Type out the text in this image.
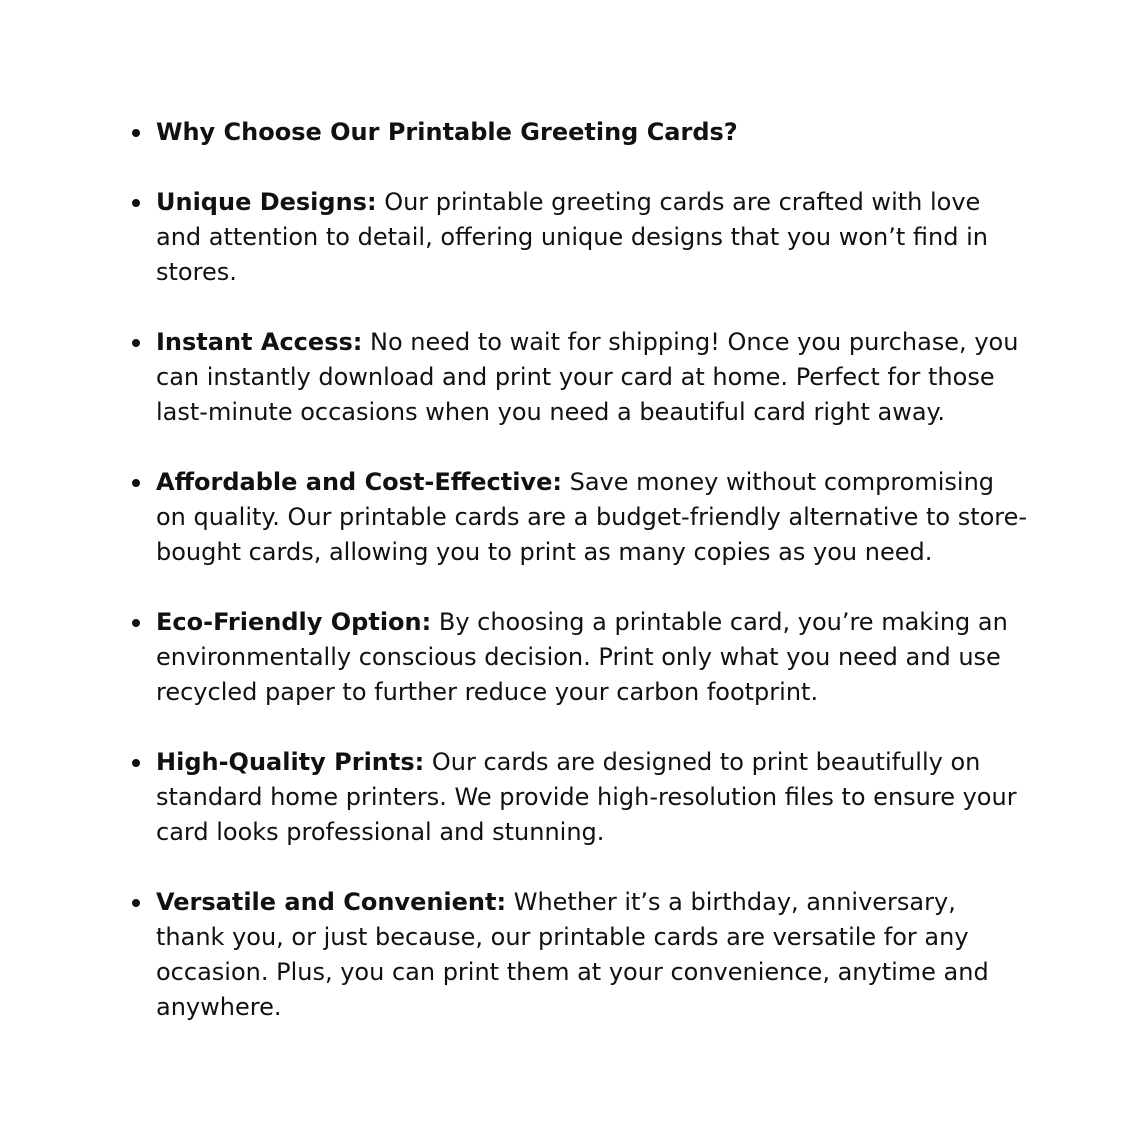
Why Choose Our Printable Greeting Cards?
Unique Designs: Our printable greeting cards are crafted with love and attention to detail, offering unique designs that you won’t find in stores.
Instant Access: No need to wait for shipping! Once you purchase, you can instantly download and print your card at home. Perfect for those last-minute occasions when you need a beautiful card right away.
Affordable and Cost-Effective: Save money without compromising on quality. Our printable cards are a budget-friendly alternative to store-bought cards, allowing you to print as many copies as you need.
Eco-Friendly Option: By choosing a printable card, you’re making an environmentally conscious decision. Print only what you need and use recycled paper to further reduce your carbon footprint.
High-Quality Prints: Our cards are designed to print beautifully on standard home printers. We provide high-resolution files to ensure your card looks professional and stunning.
Versatile and Convenient: Whether it’s a birthday, anniversary, thank you, or just because, our printable cards are versatile for any occasion. Plus, you can print them at your convenience, anytime and anywhere.
